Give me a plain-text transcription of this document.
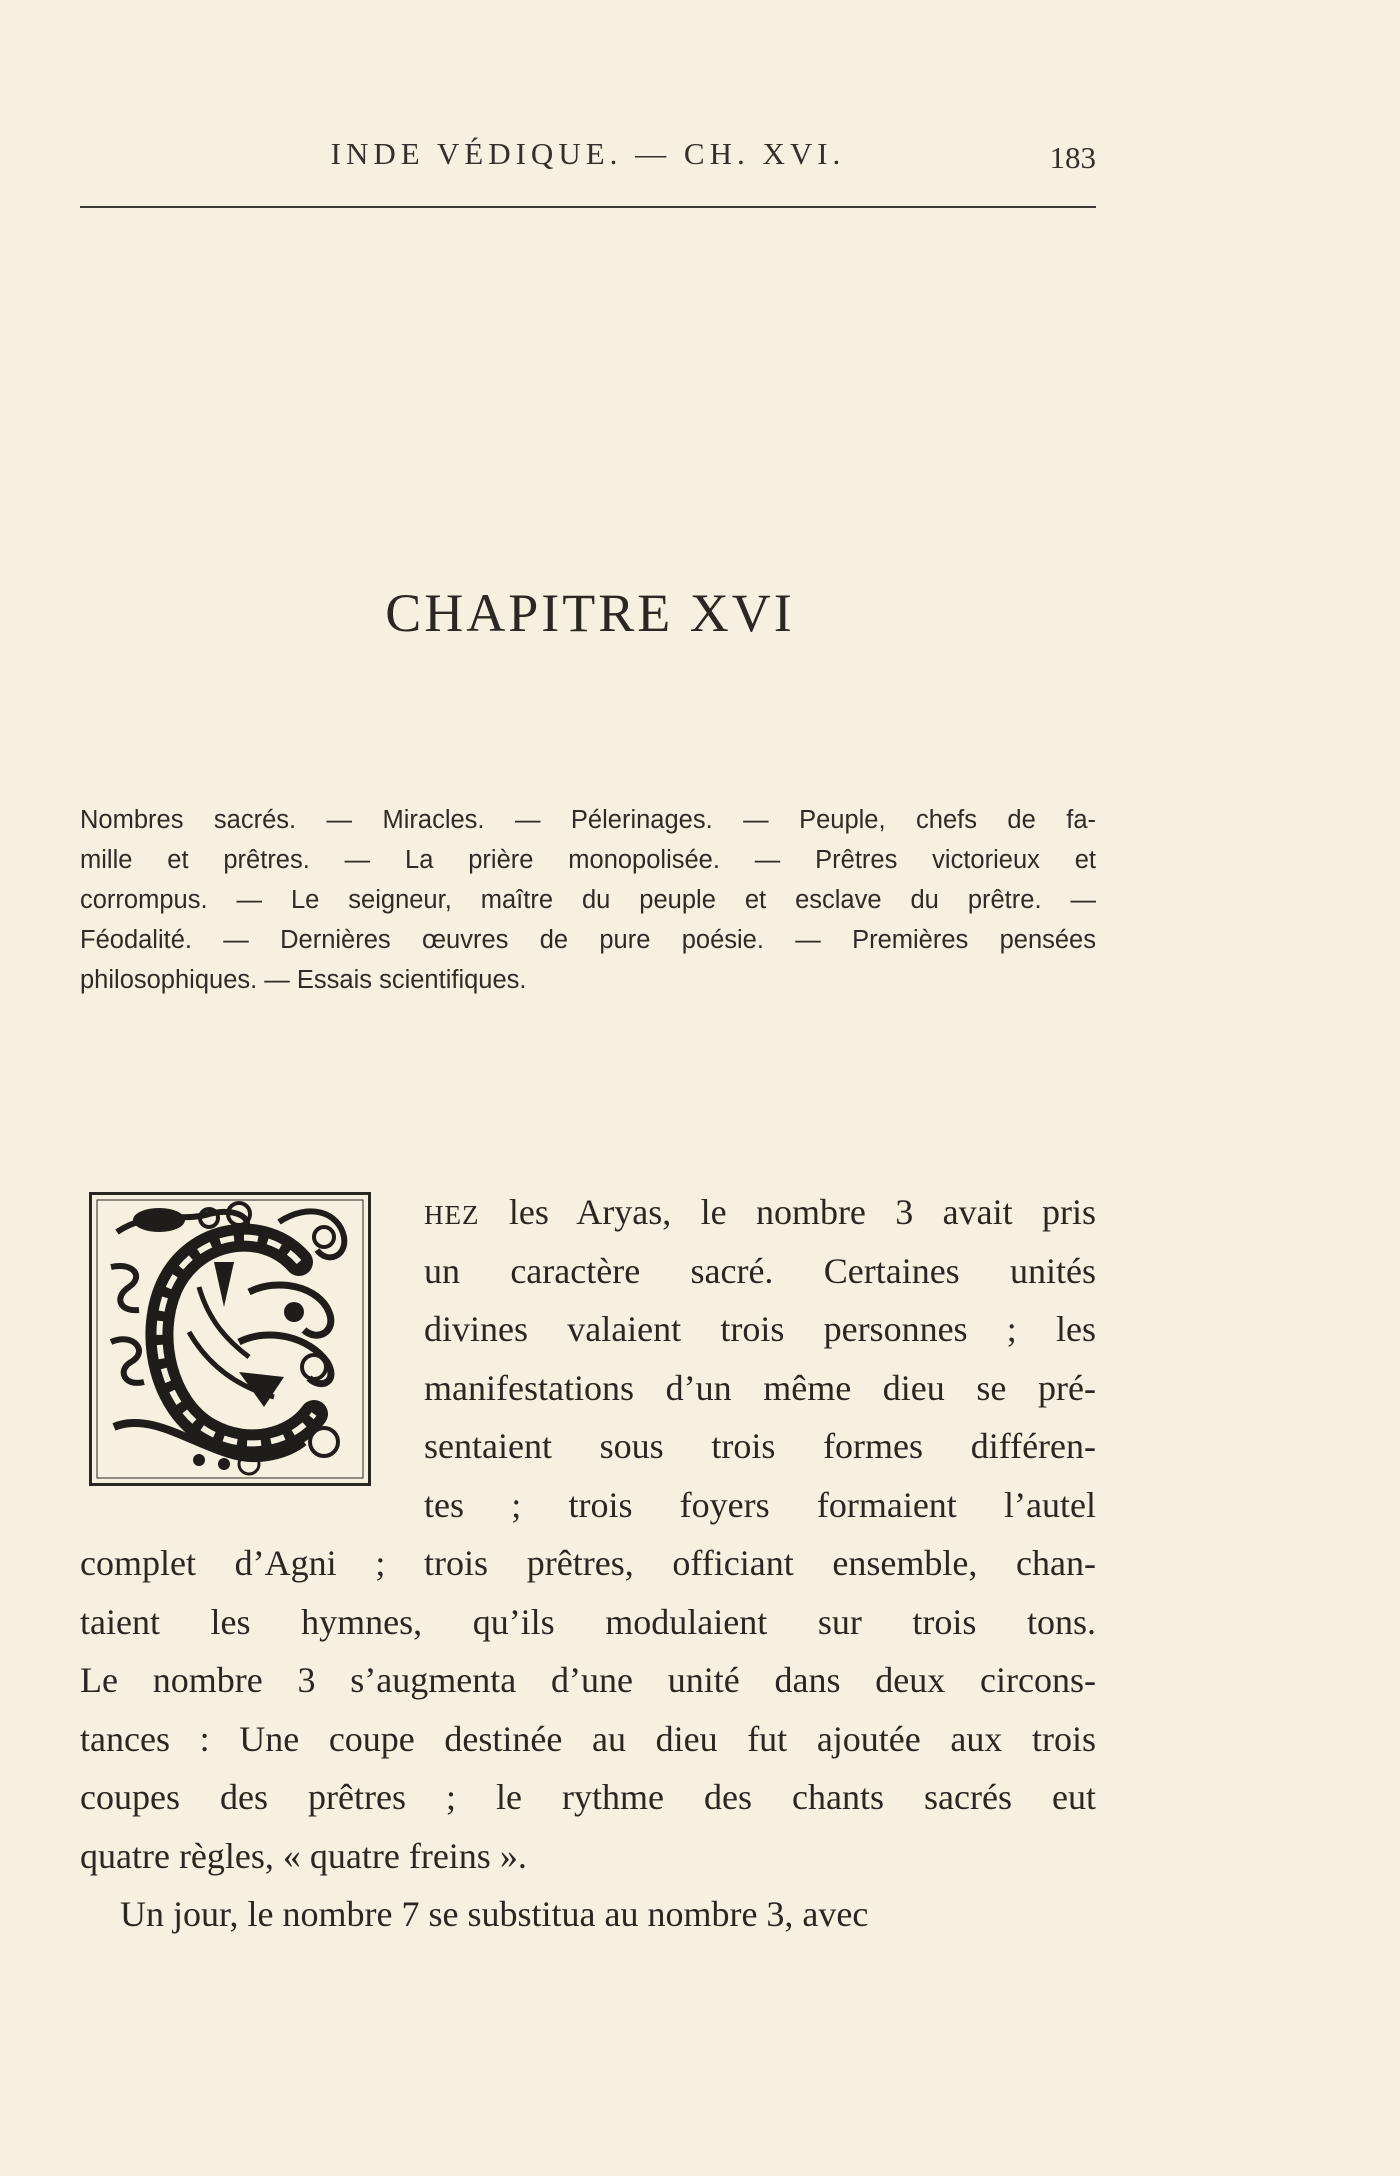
INDE VÉDIQUE. — CH. XVI.	183
CHAPITRE XVI
Nombres sacrés. — Miracles. — Pélerinages. — Peuple, chefs de fa-
mille et prêtres. — La prière monopolisée. — Prêtres victorieux et
corrompus. — Le seigneur, maître du peuple et esclave du prêtre. —
Féodalité. — Dernières œuvres de pure poésie. — Premières pensées
philosophiques. — Essais scientifiques.
HEZ les Aryas, le nombre 3 avait pris
un caractère sacré. Certaines unités
divines valaient trois personnes ; les
manifestations d’un même dieu se pré-
sentaient sous trois formes différen-
tes ; trois foyers formaient l’autel
complet d’Agni ; trois prêtres, officiant ensemble, chan-
taient les hymnes, qu’ils modulaient sur trois tons.
Le nombre 3 s’augmenta d’une unité dans deux circons-
tances : Une coupe destinée au dieu fut ajoutée aux trois
coupes des prêtres ; le rythme des chants sacrés eut
quatre règles, « quatre freins ».
Un jour, le nombre 7 se substitua au nombre 3, avec
